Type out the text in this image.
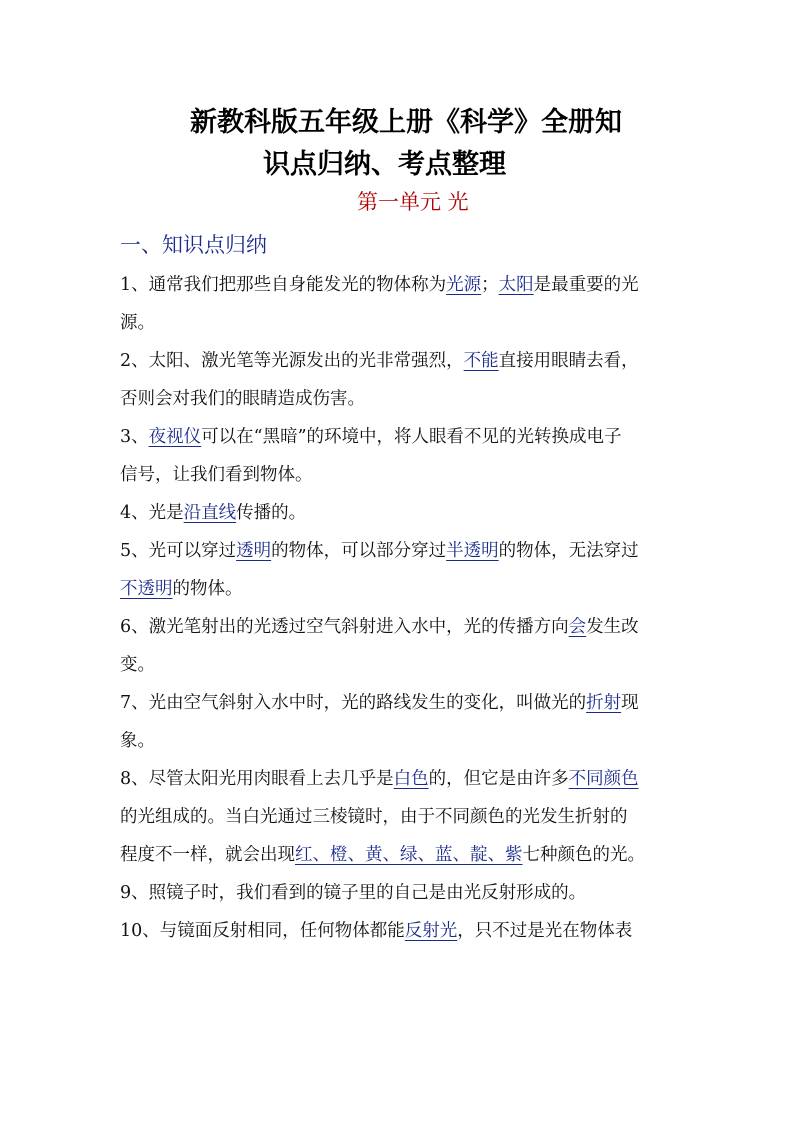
新教科版五年级上册《科学》全册知
识点归纳、考点整理
第一单元 光
一、知识点归纳
1、通常我们把那些自身能发光的物体称为光源；太阳是最重要的光
源。
2、太阳、激光笔等光源发出的光非常强烈，不能直接用眼睛去看，
否则会对我们的眼睛造成伤害。
3、夜视仪可以在“黑暗”的环境中，将人眼看不见的光转换成电子
信号，让我们看到物体。
4、光是沿直线传播的。
5、光可以穿过透明的物体，可以部分穿过半透明的物体，无法穿过
不透明的物体。
6、激光笔射出的光透过空气斜射进入水中，光的传播方向会发生改
变。
7、光由空气斜射入水中时，光的路线发生的变化，叫做光的折射现
象。
8、尽管太阳光用肉眼看上去几乎是白色的，但它是由许多不同颜色
的光组成的。当白光通过三棱镜时，由于不同颜色的光发生折射的
程度不一样，就会出现红、橙、黄、绿、蓝、靛、紫七种颜色的光。
9、照镜子时，我们看到的镜子里的自己是由光反射形成的。
10、与镜面反射相同，任何物体都能反射光，只不过是光在物体表
